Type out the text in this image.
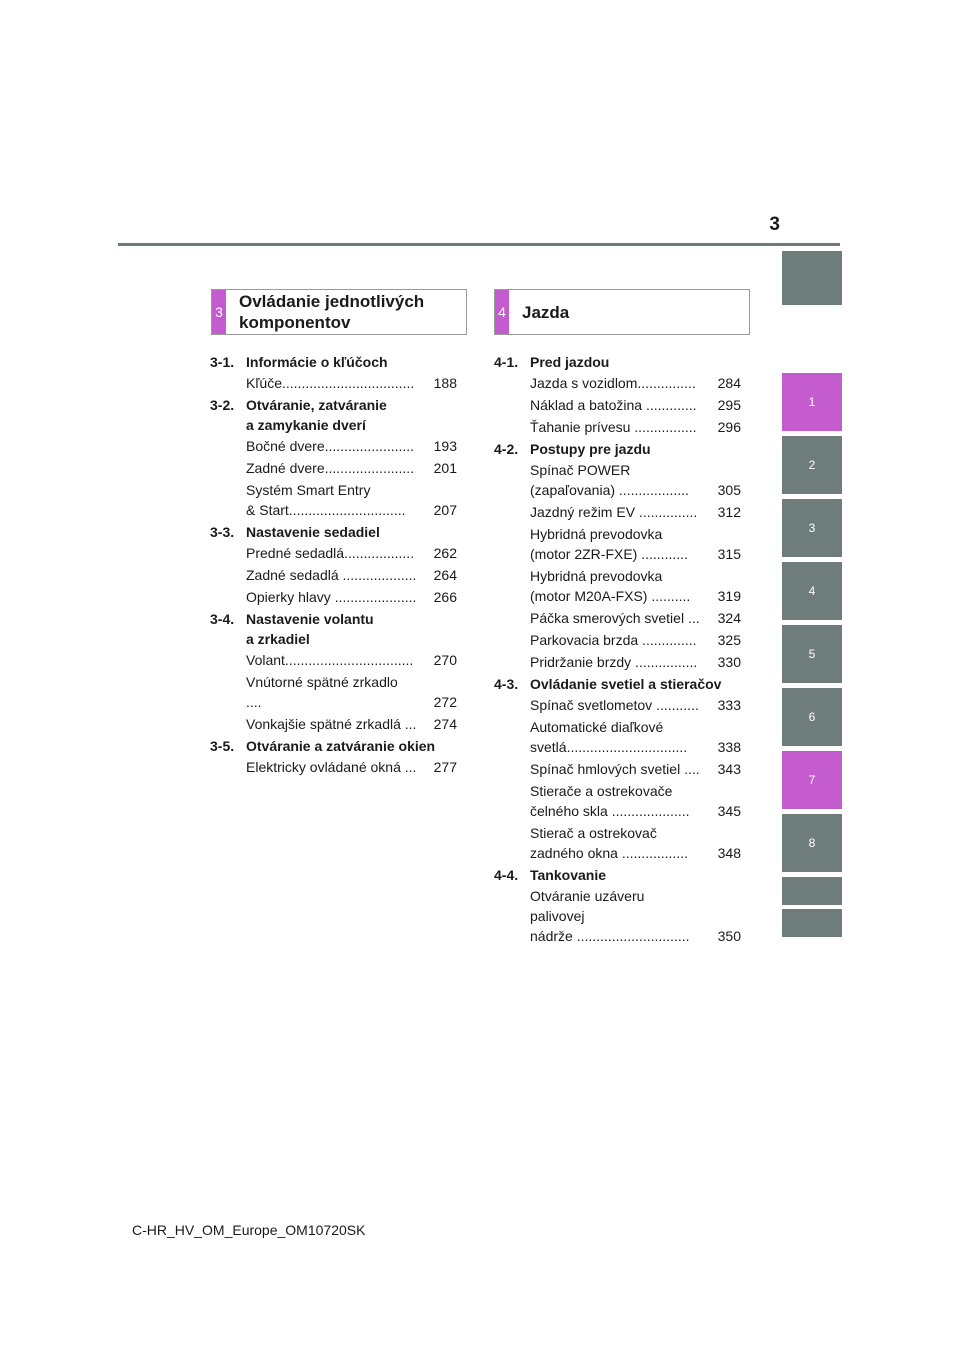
3
1
2
3
4
5
6
7
8
3
Ovládanie jednotlivých
komponentov
4 Jazda
3-1. Informácie o kľúčoch
Kľúče..................................	188
3-2. Otváranie, zatváranie
a zamykanie dverí
Bočné dvere.......................	193
Zadné dvere.......................	201
Systém Smart Entry
& Start..............................	207
3-3. Nastavenie sedadiel
Predné sedadlá..................	262
Zadné sedadlá ...................	264
Opierky hlavy .....................	266
3-4. Nastavenie volantu
a zrkadiel
Volant.................................	270
Vnútorné spätné zrkadlo ....	272
Vonkajšie spätné zrkadlá ...	274
3-5. Otváranie a zatváranie okien
Elektricky ovládané okná ...	277
4-1. Pred jazdou
Jazda s vozidlom...............	284
Náklad a batožina .............	295
Ťahanie prívesu ................	296
4-2. Postupy pre jazdu
Spínač POWER
(zapaľovania) ..................	305
Jazdný režim EV ...............	312
Hybridná prevodovka
(motor 2ZR-FXE) ............	315
Hybridná prevodovka
(motor M20A-FXS) ..........	319
Páčka smerových svetiel ...	324
Parkovacia brzda ..............	325
Pridržanie brzdy ................	330
4-3. Ovládanie svetiel a stieračov
Spínač svetlometov ...........	333
Automatické diaľkové
svetlá...............................	338
Spínač hmlových svetiel ....	343
Stierače a ostrekovače
čelného skla ....................	345
Stierač a ostrekovač
zadného okna .................	348
4-4. Tankovanie
Otváranie uzáveru palivovej
nádrže .............................	350
C-HR_HV_OM_Europe_OM10720SK
